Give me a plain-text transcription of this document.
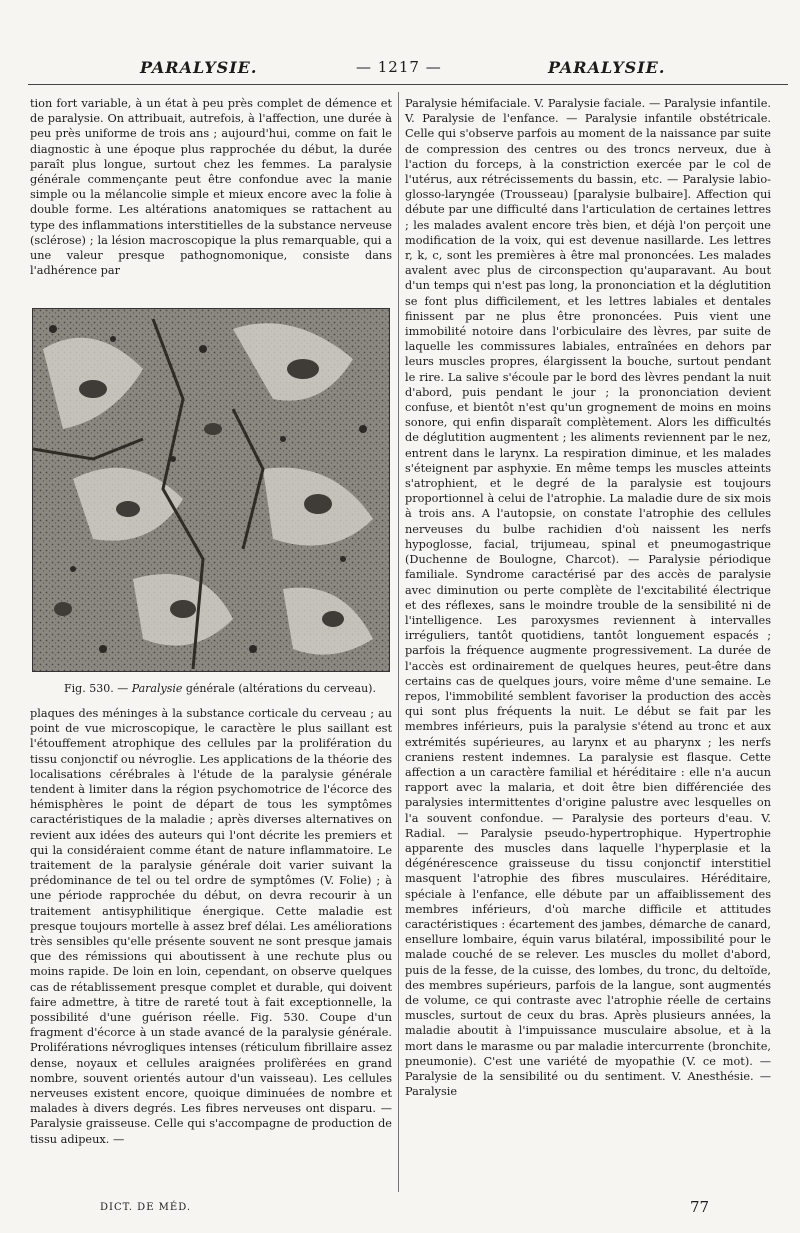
PARALYSIE.	— 1217 —	PARALYSIE.

tion fort variable, à un état à peu près complet de démence et de paralysie. On attribuait, autrefois, à l'affection, une durée à peu près uniforme de trois ans ; aujourd'hui, comme on fait le diagnostic à une époque plus rapprochée du début, la durée paraît plus longue, surtout chez les femmes. La paralysie générale commençante peut être confondue avec la manie simple ou la mélancolie simple et mieux encore avec la folie à double forme. Les altérations anatomiques se rattachent au type des inflammations interstitielles de la substance nerveuse (sclérose) ; la lésion macroscopique la plus remarquable, qui a une valeur presque pathognomonique, consiste dans l'adhérence par

Fig. 530. — Paralysie générale (altérations du cerveau).

plaques des méninges à la substance corticale du cerveau ; au point de vue microscopique, le caractère le plus saillant est l'étouffement atrophique des cellules par la prolifération du tissu conjonctif ou névroglie. Les applications de la théorie des localisations cérébrales à l'étude de la paralysie générale tendent à limiter dans la région psychomotrice de l'écorce des hémisphères le point de départ de tous les symptômes caractéristiques de la maladie ; après diverses alternatives on revient aux idées des auteurs qui l'ont décrite les premiers et qui la considéraient comme étant de nature inflammatoire. Le traitement de la paralysie générale doit varier suivant la prédominance de tel ou tel ordre de symptômes (V. Folie) ; à une période rapprochée du début, on devra recourir à un traitement antisyphilitique énergique. Cette maladie est presque toujours mortelle à assez bref délai. Les améliorations très sensibles qu'elle présente souvent ne sont presque jamais que des rémissions qui aboutissent à une rechute plus ou moins rapide. De loin en loin, cependant, on observe quelques cas de rétablissement presque complet et durable, qui doivent faire admettre, à titre de rareté tout à fait exceptionnelle, la possibilité d'une guérison réelle. Fig. 530. Coupe d'un fragment d'écorce à un stade avancé de la paralysie générale. Proliférations névrogliques intenses (réticulum fibrillaire assez dense, noyaux et cellules araignées prolifèrées en grand nombre, souvent orientés autour d'un vaisseau). Les cellules nerveuses existent encore, quoique diminuées de nombre et malades à divers degrés. Les fibres nerveuses ont disparu. — Paralysie graisseuse. Celle qui s'accompagne de production de tissu adipeux. —

Paralysie hémifaciale. V. Paralysie faciale. — Paralysie infantile. V. Paralysie de l'enfance. — Paralysie infantile obstétricale. Celle qui s'observe parfois au moment de la naissance par suite de compression des centres ou des troncs nerveux, due à l'action du forceps, à la constriction exercée par le col de l'utérus, aux rétrécissements du bassin, etc. — Paralysie labio-glosso-laryngée (Trousseau) [paralysie bulbaire]. Affection qui débute par une difficulté dans l'articulation de certaines lettres ; les malades avalent encore très bien, et déjà l'on perçoit une modification de la voix, qui est devenue nasillarde. Les lettres r, k, c, sont les premières à être mal prononcées. Les malades avalent avec plus de circonspection qu'auparavant. Au bout d'un temps qui n'est pas long, la prononciation et la déglutition se font plus difficilement, et les lettres labiales et dentales finissent par ne plus être prononcées. Puis vient une immobilité notoire dans l'orbiculaire des lèvres, par suite de laquelle les commissures labiales, entraînées en dehors par leurs muscles propres, élargissent la bouche, surtout pendant le rire. La salive s'écoule par le bord des lèvres pendant la nuit d'abord, puis pendant le jour ; la prononciation devient confuse, et bientôt n'est qu'un grognement de moins en moins sonore, qui enfin disparaît complètement. Alors les difficultés de déglutition augmentent ; les aliments reviennent par le nez, entrent dans le larynx. La respiration diminue, et les malades s'éteignent par asphyxie. En même temps les muscles atteints s'atrophient, et le degré de la paralysie est toujours proportionnel à celui de l'atrophie. La maladie dure de six mois à trois ans. A l'autopsie, on constate l'atrophie des cellules nerveuses du bulbe rachidien d'où naissent les nerfs hypoglosse, facial, trijumeau, spinal et pneumogastrique (Duchenne de Boulogne, Charcot). — Paralysie périodique familiale. Syndrome caractérisé par des accès de paralysie avec diminution ou perte complète de l'excitabilité électrique et des réflexes, sans le moindre trouble de la sensibilité ni de l'intelligence. Les paroxysmes reviennent à intervalles irréguliers, tantôt quotidiens, tantôt longuement espacés ; parfois la fréquence augmente progressivement. La durée de l'accès est ordinairement de quelques heures, peut-être dans certains cas de quelques jours, voire même d'une semaine. Le repos, l'immobilité semblent favoriser la production des accès qui sont plus fréquents la nuit. Le début se fait par les membres inférieurs, puis la paralysie s'étend au tronc et aux extrémités supérieures, au larynx et au pharynx ; les nerfs craniens restent indemnes. La paralysie est flasque. Cette affection a un caractère familial et héréditaire : elle n'a aucun rapport avec la malaria, et doit être bien différenciée des paralysies intermittentes d'origine palustre avec lesquelles on l'a souvent confondue. — Paralysie des porteurs d'eau. V. Radial. — Paralysie pseudo-hypertrophique. Hypertrophie apparente des muscles dans laquelle l'hyperplasie et la dégénérescence graisseuse du tissu conjonctif interstitiel masquent l'atrophie des fibres musculaires. Héréditaire, spéciale à l'enfance, elle débute par un affaiblissement des membres inférieurs, d'où marche difficile et attitudes caractéristiques : écartement des jambes, démarche de canard, ensellure lombaire, équin varus bilatéral, impossibilité pour le malade couché de se relever. Les muscles du mollet d'abord, puis de la fesse, de la cuisse, des lombes, du tronc, du deltoïde, des membres supérieurs, parfois de la langue, sont augmentés de volume, ce qui contraste avec l'atrophie réelle de certains muscles, surtout de ceux du bras. Après plusieurs années, la maladie aboutit à l'impuissance musculaire absolue, et à la mort dans le marasme ou par maladie intercurrente (bronchite, pneumonie). C'est une variété de myopathie (V. ce mot). — Paralysie de la sensibilité ou du sentiment. V. Anesthésie. — Paralysie

DICT. DE MÉD.	77
